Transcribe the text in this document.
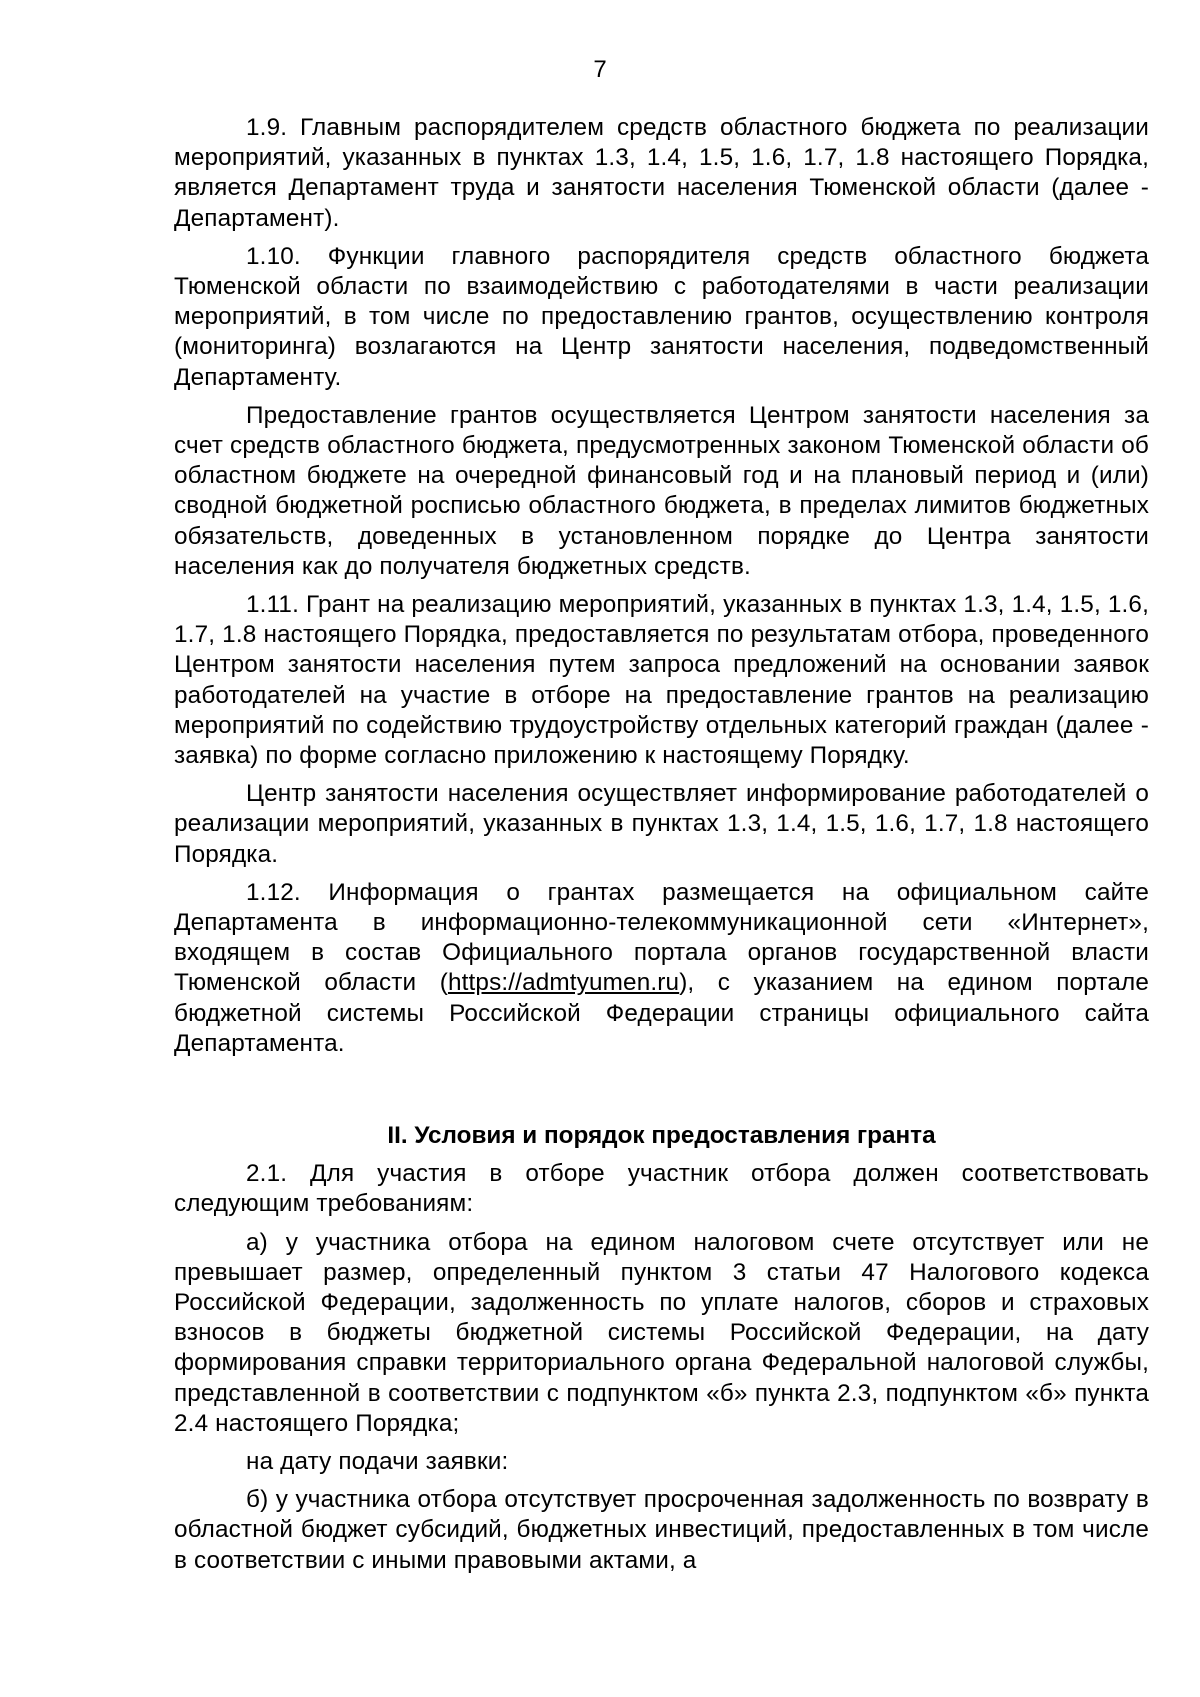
7

1.9. Главным распорядителем средств областного бюджета по реализации мероприятий, указанных в пунктах 1.3, 1.4, 1.5, 1.6, 1.7, 1.8 настоящего Порядка, является Департамент труда и занятости населения Тюменской области (далее - Департамент).

1.10. Функции главного распорядителя средств областного бюджета Тюменской области по взаимодействию с работодателями в части реализации мероприятий, в том числе по предоставлению грантов, осуществлению контроля (мониторинга) возлагаются на Центр занятости населения, подведомственный Департаменту.

Предоставление грантов осуществляется Центром занятости населения за счет средств областного бюджета, предусмотренных законом Тюменской области об областном бюджете на очередной финансовый год и на плановый период и (или) сводной бюджетной росписью областного бюджета, в пределах лимитов бюджетных обязательств, доведенных в установленном порядке до Центра занятости населения как до получателя бюджетных средств.

1.11. Грант на реализацию мероприятий, указанных в пунктах 1.3, 1.4, 1.5, 1.6, 1.7, 1.8 настоящего Порядка, предоставляется по результатам отбора, проведенного Центром занятости населения путем запроса предложений на основании заявок работодателей на участие в отборе на предоставление грантов на реализацию мероприятий по содействию трудоустройству отдельных категорий граждан (далее - заявка) по форме согласно приложению к настоящему Порядку.

Центр занятости населения осуществляет информирование работодателей о реализации мероприятий, указанных в пунктах 1.3, 1.4, 1.5, 1.6, 1.7, 1.8 настоящего Порядка.

1.12. Информация о грантах размещается на официальном сайте Департамента в информационно-телекоммуникационной сети «Интернет», входящем в состав Официального портала органов государственной власти Тюменской области (https://admtyumen.ru), с указанием на едином портале бюджетной системы Российской Федерации страницы официального сайта Департамента.

II. Условия и порядок предоставления гранта

2.1. Для участия в отборе участник отбора должен соответствовать следующим требованиям:

а) у участника отбора на едином налоговом счете отсутствует или не превышает размер, определенный пунктом 3 статьи 47 Налогового кодекса Российской Федерации, задолженность по уплате налогов, сборов и страховых взносов в бюджеты бюджетной системы Российской Федерации, на дату формирования справки территориального органа Федеральной налоговой службы, представленной в соответствии с подпунктом «б» пункта 2.3, подпунктом «б» пункта 2.4 настоящего Порядка;

на дату подачи заявки:

б) у участника отбора отсутствует просроченная задолженность по возврату в областной бюджет субсидий, бюджетных инвестиций, предоставленных в том числе в соответствии с иными правовыми актами, а
